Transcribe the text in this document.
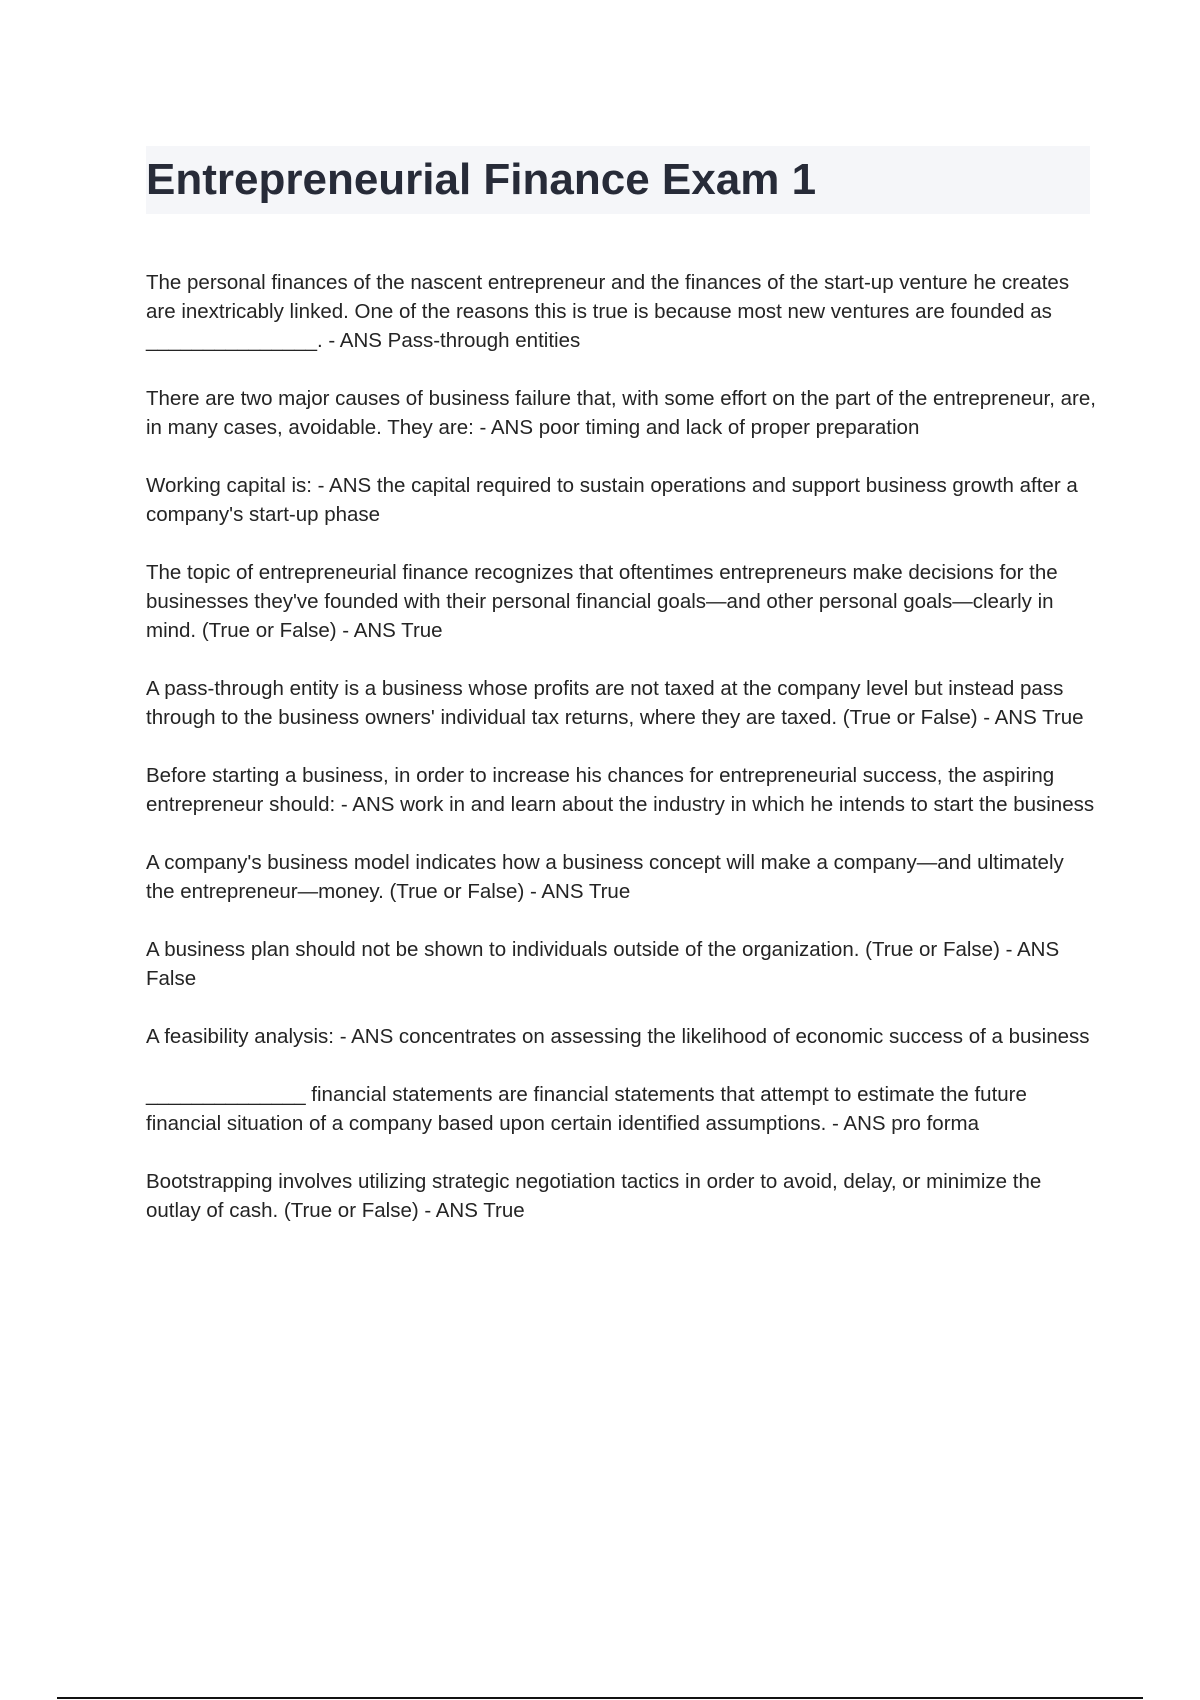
Entrepreneurial Finance Exam 1

The personal finances of the nascent entrepreneur and the finances of the start-up venture he creates are inextricably linked. One of the reasons this is true is because most new ventures are founded as _______________. - ANS Pass-through entities

There are two major causes of business failure that, with some effort on the part of the entrepreneur, are, in many cases, avoidable. They are: - ANS poor timing and lack of proper preparation

Working capital is: - ANS the capital required to sustain operations and support business growth after a company's start-up phase

The topic of entrepreneurial finance recognizes that oftentimes entrepreneurs make decisions for the businesses they've founded with their personal financial goals—and other personal goals—clearly in mind. (True or False) - ANS True

A pass-through entity is a business whose profits are not taxed at the company level but instead pass through to the business owners' individual tax returns, where they are taxed. (True or False) - ANS True

Before starting a business, in order to increase his chances for entrepreneurial success, the aspiring entrepreneur should: - ANS work in and learn about the industry in which he intends to start the business

A company's business model indicates how a business concept will make a company—and ultimately the entrepreneur—money. (True or False) - ANS True

A business plan should not be shown to individuals outside of the organization. (True or False) - ANS False

A feasibility analysis: - ANS concentrates on assessing the likelihood of economic success of a business

______________ financial statements are financial statements that attempt to estimate the future financial situation of a company based upon certain identified assumptions. - ANS pro forma

Bootstrapping involves utilizing strategic negotiation tactics in order to avoid, delay, or minimize the outlay of cash. (True or False) - ANS True
